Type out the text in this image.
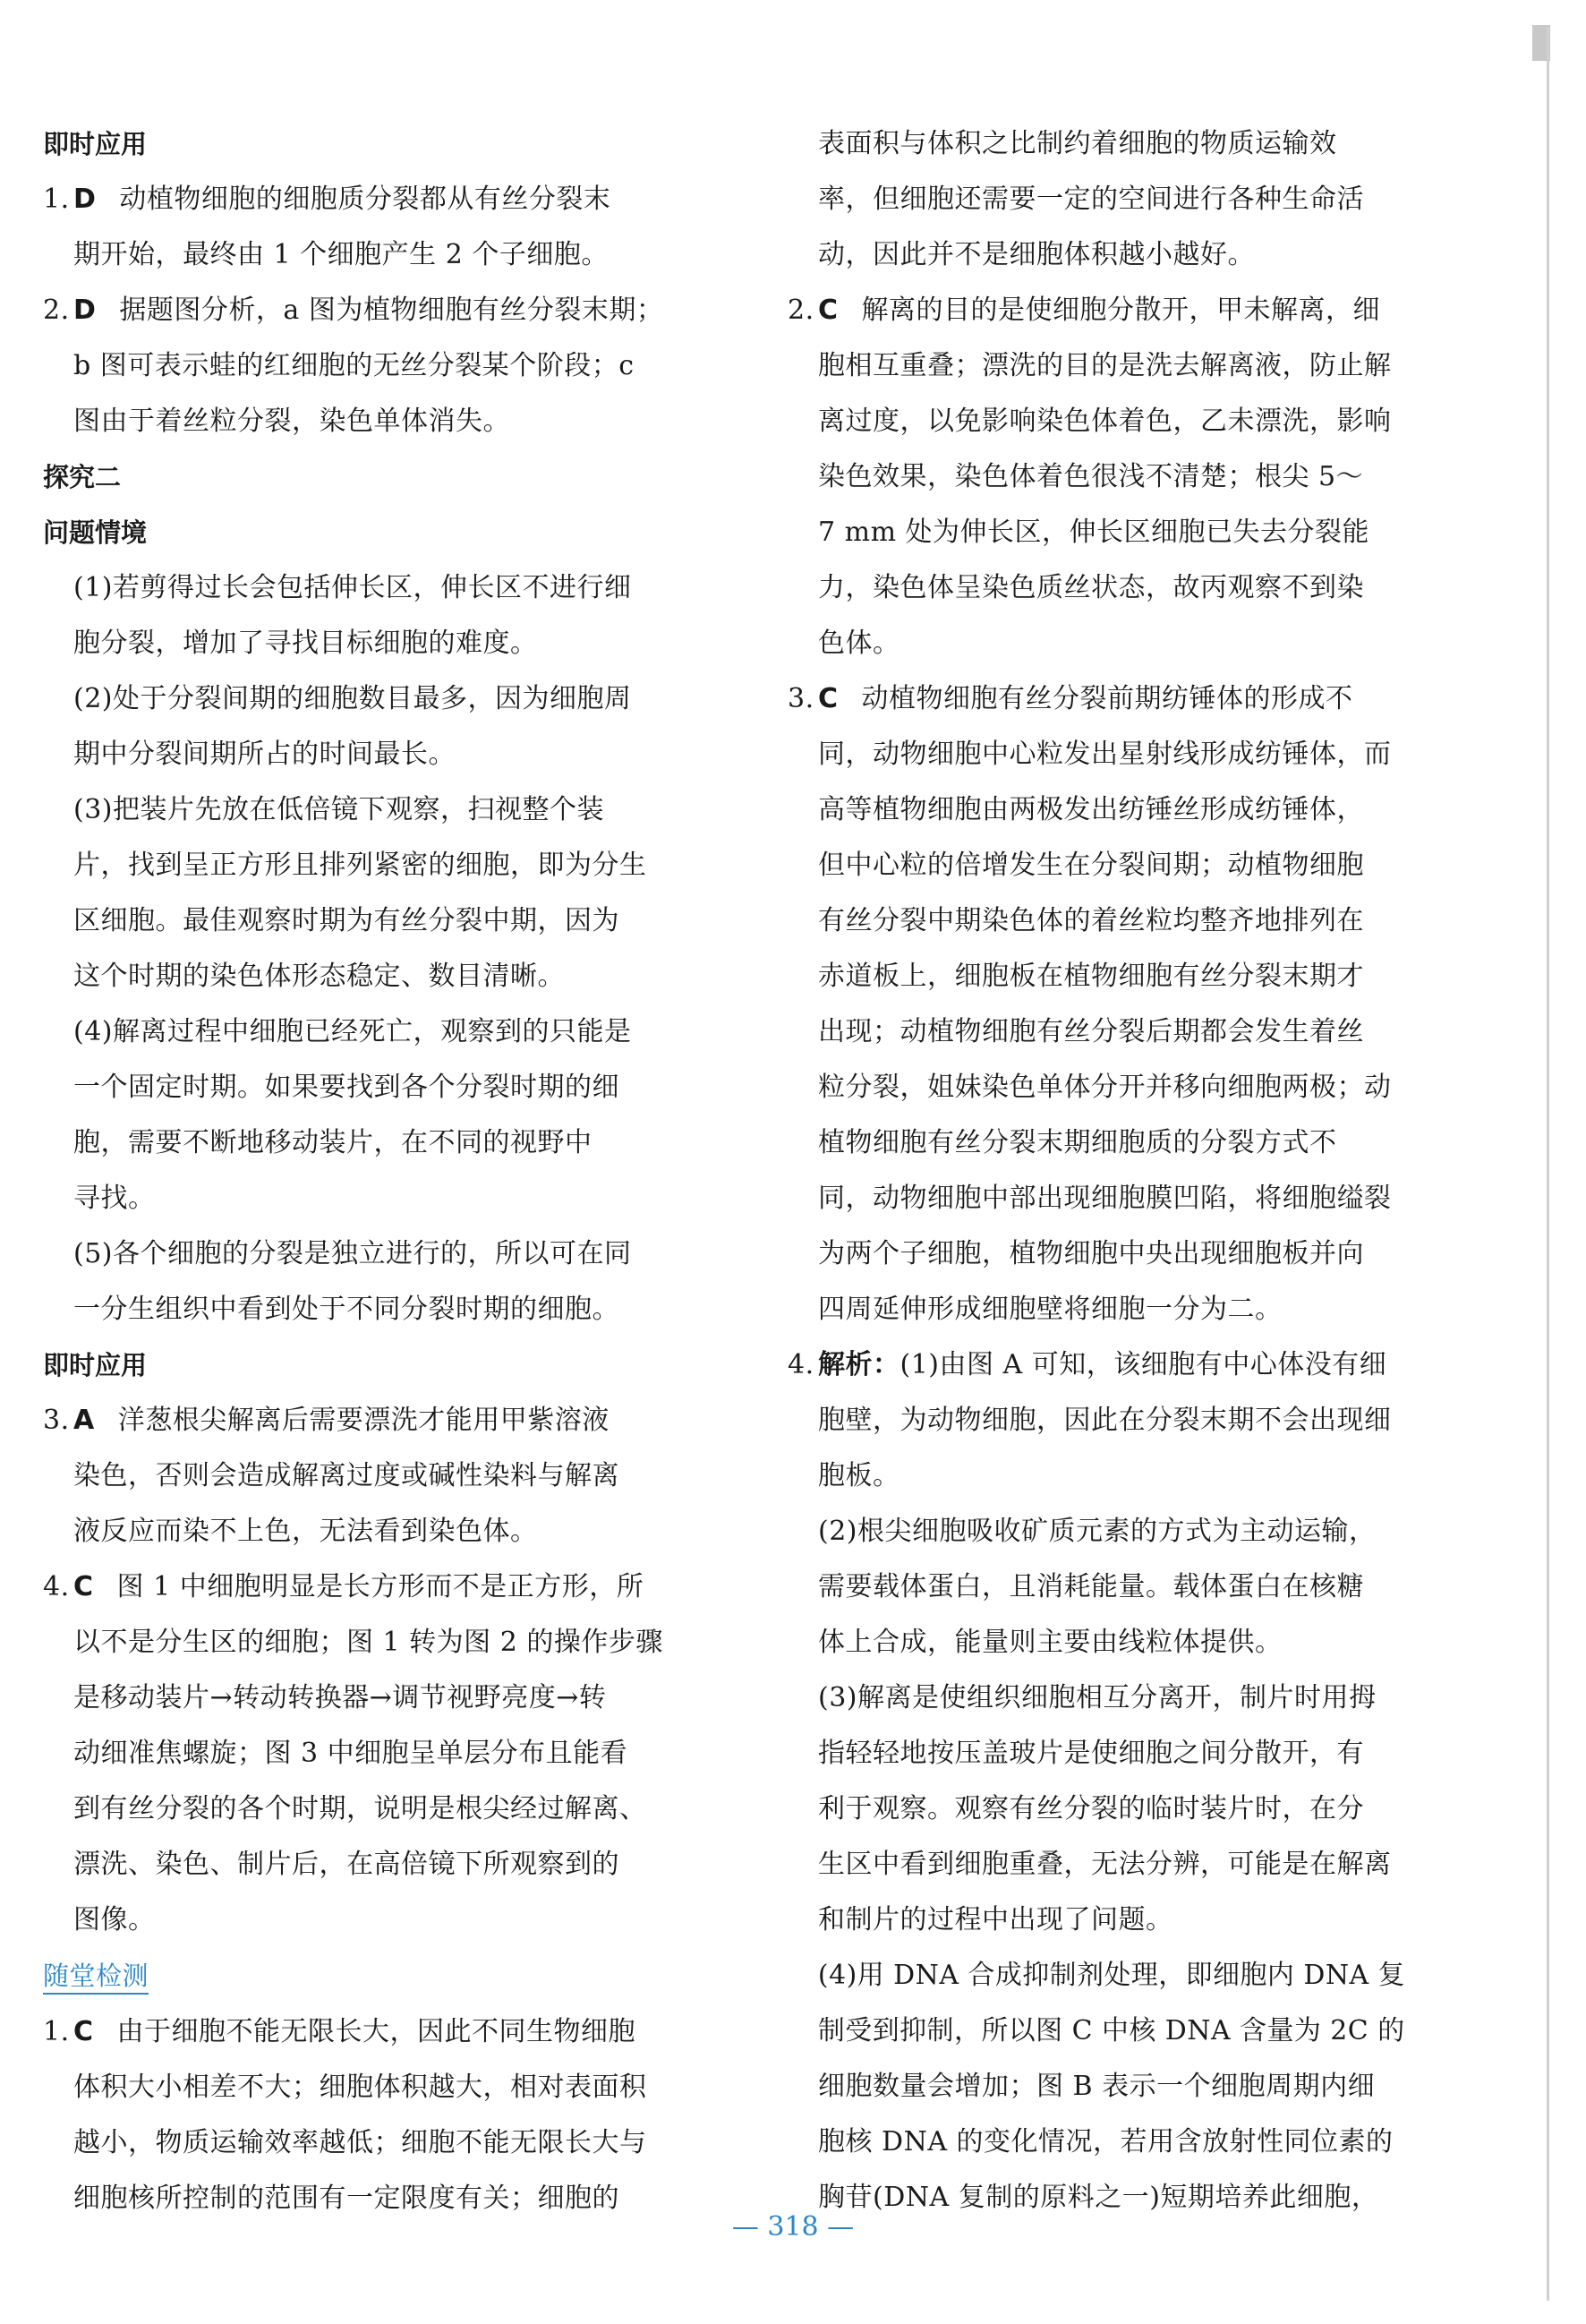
即时应用
1. D 动植物细胞的细胞质分裂都从有丝分裂末
期开始，最终由 1 个细胞产生 2 个子细胞。
2. D 据题图分析，a 图为植物细胞有丝分裂末期；
b 图可表示蛙的红细胞的无丝分裂某个阶段；c
图由于着丝粒分裂，染色单体消失。
探究二
问题情境
(1)若剪得过长会包括伸长区，伸长区不进行细
胞分裂，增加了寻找目标细胞的难度。
(2)处于分裂间期的细胞数目最多，因为细胞周
期中分裂间期所占的时间最长。
(3)把装片先放在低倍镜下观察，扫视整个装
片，找到呈正方形且排列紧密的细胞，即为分生
区细胞。最佳观察时期为有丝分裂中期，因为
这个时期的染色体形态稳定、数目清晰。
(4)解离过程中细胞已经死亡，观察到的只能是
一个固定时期。如果要找到各个分裂时期的细
胞，需要不断地移动装片，在不同的视野中
寻找。
(5)各个细胞的分裂是独立进行的，所以可在同
一分生组织中看到处于不同分裂时期的细胞。
即时应用
3. A 洋葱根尖解离后需要漂洗才能用甲紫溶液
染色，否则会造成解离过度或碱性染料与解离
液反应而染不上色，无法看到染色体。
4. C 图 1 中细胞明显是长方形而不是正方形，所
以不是分生区的细胞；图 1 转为图 2 的操作步骤
是移动装片→转动转换器→调节视野亮度→转
动细准焦螺旋；图 3 中细胞呈单层分布且能看
到有丝分裂的各个时期，说明是根尖经过解离、
漂洗、染色、制片后，在高倍镜下所观察到的
图像。
随堂检测
1. C 由于细胞不能无限长大，因此不同生物细胞
体积大小相差不大；细胞体积越大，相对表面积
越小，物质运输效率越低；细胞不能无限长大与
细胞核所控制的范围有一定限度有关；细胞的
表面积与体积之比制约着细胞的物质运输效
率，但细胞还需要一定的空间进行各种生命活
动，因此并不是细胞体积越小越好。
2. C 解离的目的是使细胞分散开，甲未解离，细
胞相互重叠；漂洗的目的是洗去解离液，防止解
离过度，以免影响染色体着色，乙未漂洗，影响
染色效果，染色体着色很浅不清楚；根尖 5～
7 mm 处为伸长区，伸长区细胞已失去分裂能
力，染色体呈染色质丝状态，故丙观察不到染
色体。
3. C 动植物细胞有丝分裂前期纺锤体的形成不
同，动物细胞中心粒发出星射线形成纺锤体，而
高等植物细胞由两极发出纺锤丝形成纺锤体，
但中心粒的倍增发生在分裂间期；动植物细胞
有丝分裂中期染色体的着丝粒均整齐地排列在
赤道板上，细胞板在植物细胞有丝分裂末期才
出现；动植物细胞有丝分裂后期都会发生着丝
粒分裂，姐妹染色单体分开并移向细胞两极；动
植物细胞有丝分裂末期细胞质的分裂方式不
同，动物细胞中部出现细胞膜凹陷，将细胞缢裂
为两个子细胞，植物细胞中央出现细胞板并向
四周延伸形成细胞壁将细胞一分为二。
4. 解析：(1)由图 A 可知，该细胞有中心体没有细
胞壁，为动物细胞，因此在分裂末期不会出现细
胞板。
(2)根尖细胞吸收矿质元素的方式为主动运输，
需要载体蛋白，且消耗能量。载体蛋白在核糖
体上合成，能量则主要由线粒体提供。
(3)解离是使组织细胞相互分离开，制片时用拇
指轻轻地按压盖玻片是使细胞之间分散开，有
利于观察。观察有丝分裂的临时装片时，在分
生区中看到细胞重叠，无法分辨，可能是在解离
和制片的过程中出现了问题。
(4)用 DNA 合成抑制剂处理，即细胞内 DNA 复
制受到抑制，所以图 C 中核 DNA 含量为 2C 的
细胞数量会增加；图 B 表示一个细胞周期内细
胞核 DNA 的变化情况，若用含放射性同位素的
胸苷(DNA 复制的原料之一)短期培养此细胞，
— 318 —
